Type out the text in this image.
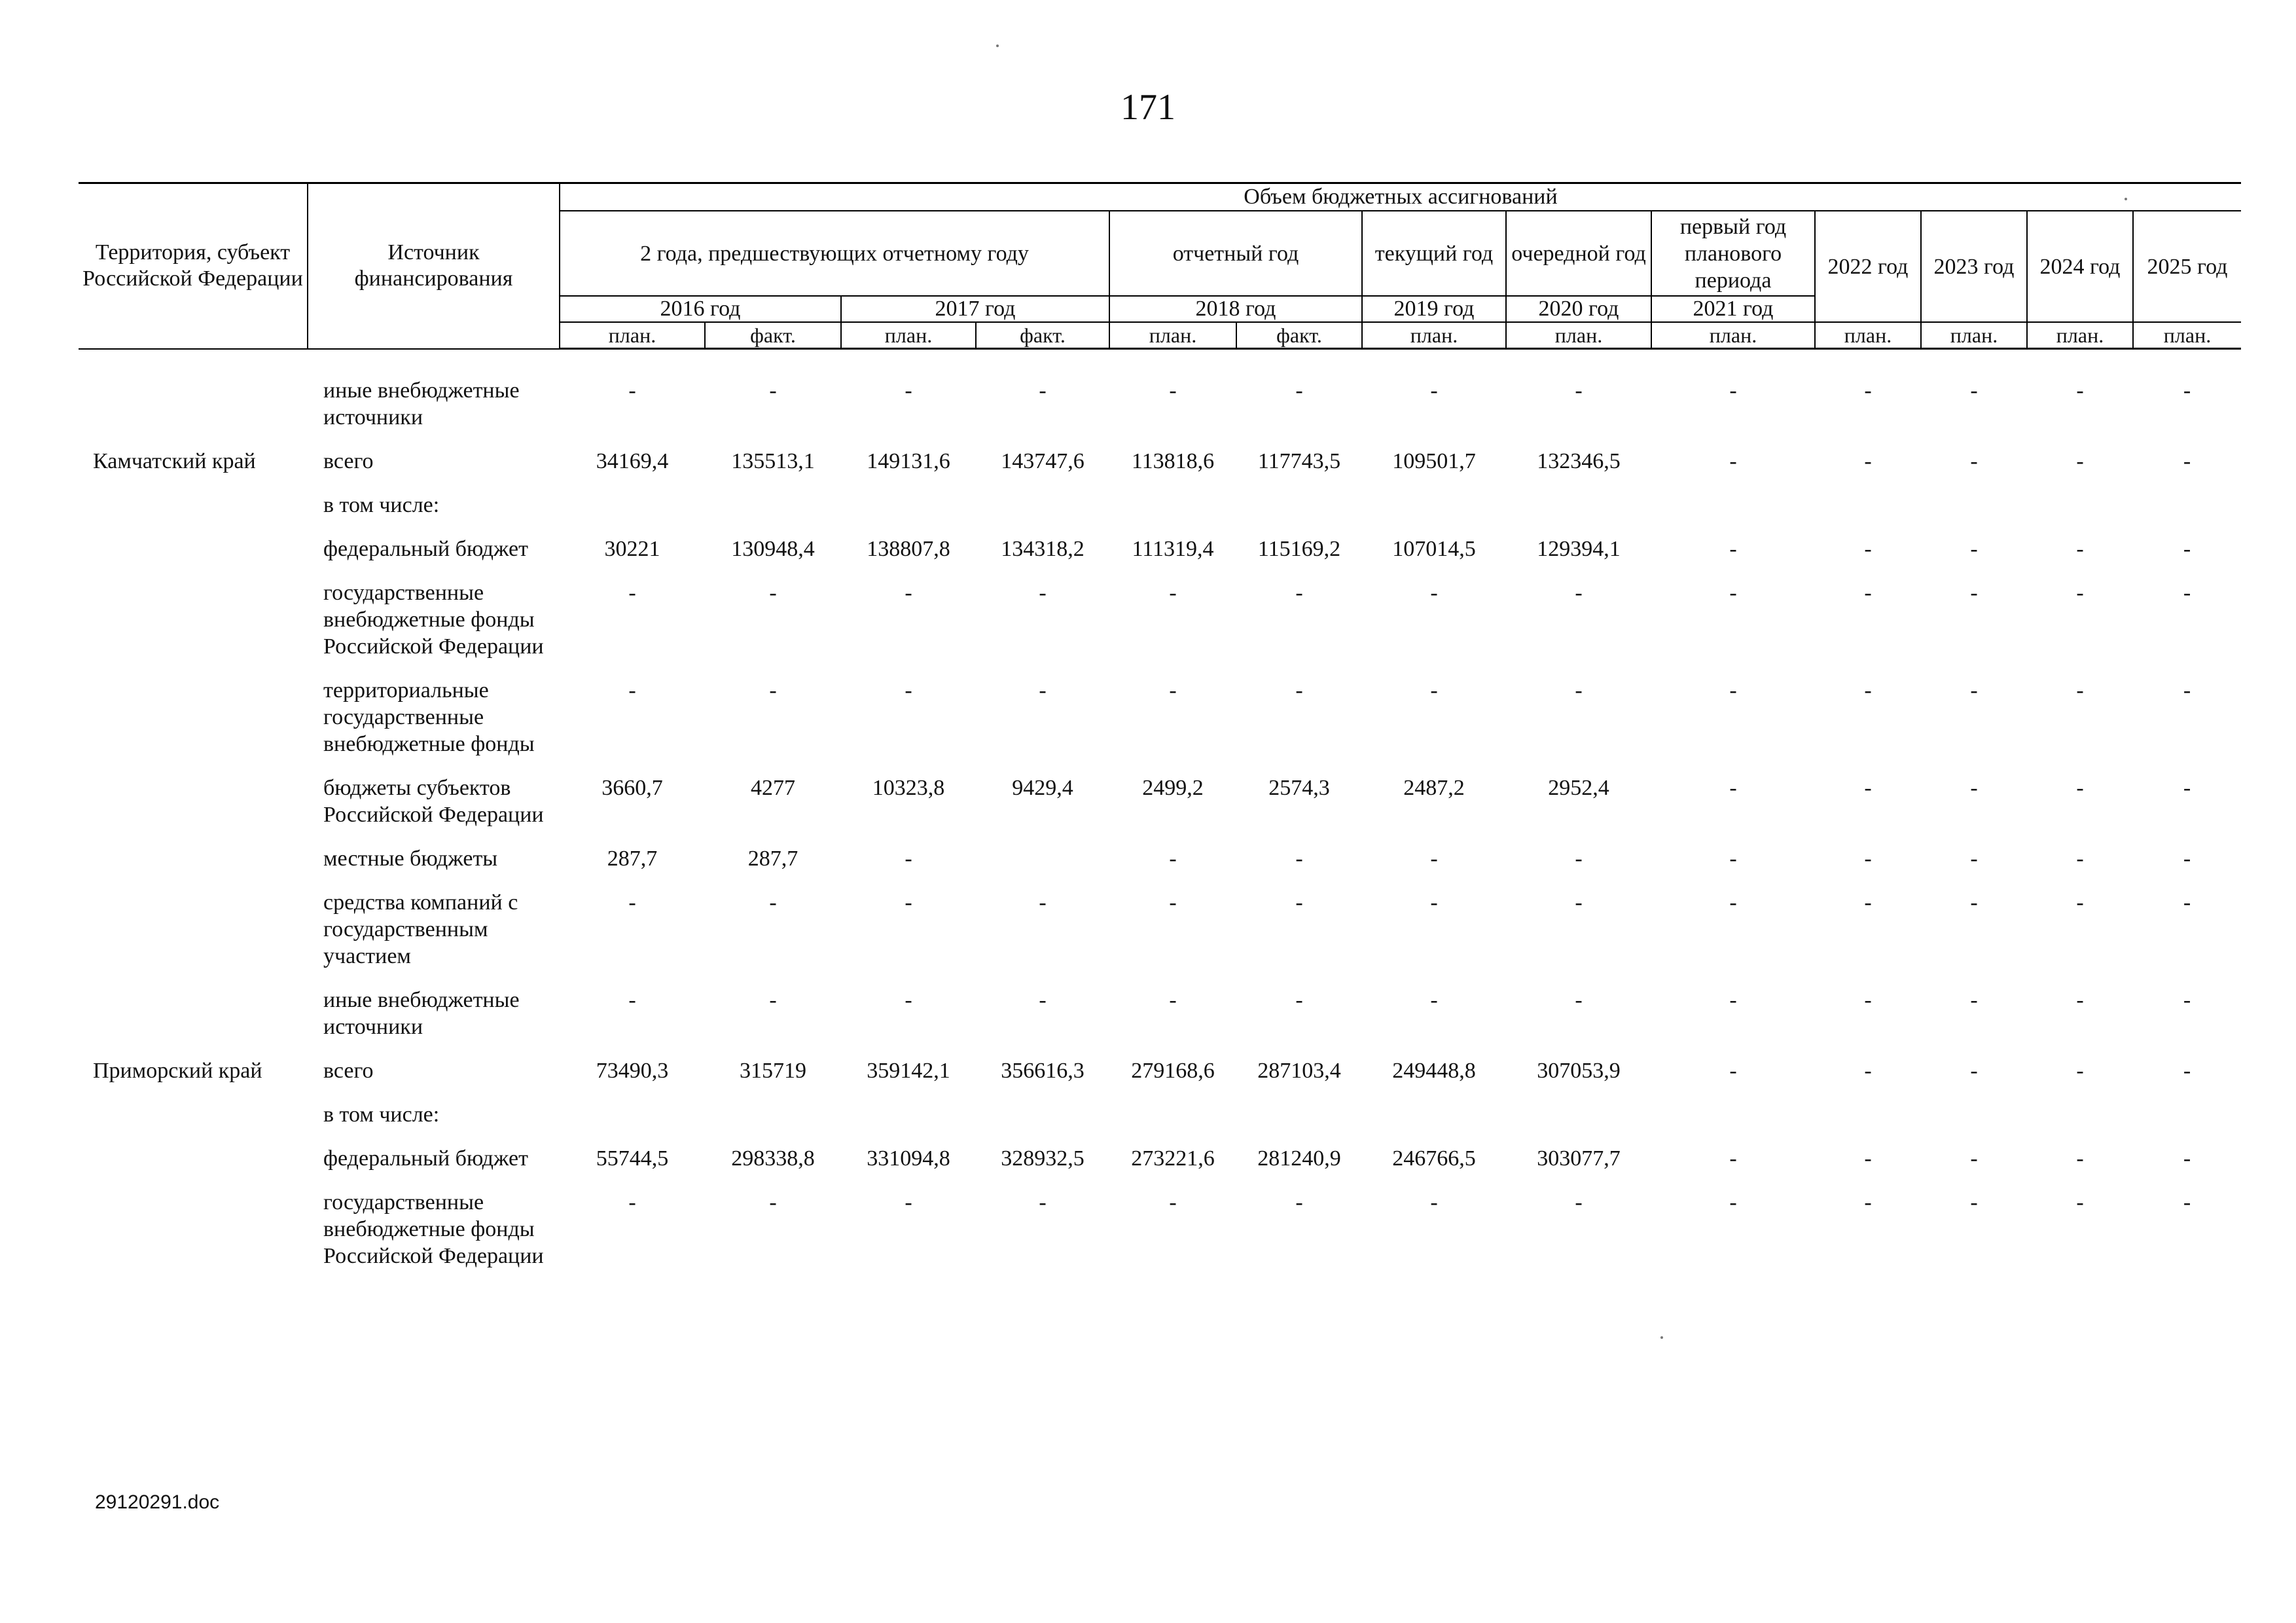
171
Территория, субъект Российской Федерации	Источник финансирования	Объем бюджетных ассигнований												
		2 года, предшествующих отчетному году				отчетный год		текущий год	очередной год	первый год планового периода	2022 год	2023 год	2024 год	2025 год
		2016 год		2017 год		2018 год		2019 год	2020 год	2021 год				
		план.	факт.	план.	факт.	план.	факт.	план.	план.	план.	план.	план.	план.	план.
	иные внебюджетные источники	-	-	-	-	-	-	-	-	-	-	-	-	-
Камчатский край	всего	34169,4	135513,1	149131,6	143747,6	113818,6	117743,5	109501,7	132346,5	-	-	-	-	-
	в том числе:													
	федеральный бюджет	30221	130948,4	138807,8	134318,2	111319,4	115169,2	107014,5	129394,1	-	-	-	-	-
	государственные внебюджетные фонды Российской Федерации	-	-	-	-	-	-	-	-	-	-	-	-	-
	территориальные государственные внебюджетные фонды	-	-	-	-	-	-	-	-	-	-	-	-	-
	бюджеты субъектов Российской Федерации	3660,7	4277	10323,8	9429,4	2499,2	2574,3	2487,2	2952,4	-	-	-	-	-
	местные бюджеты	287,7	287,7	-		-	-	-	-	-	-	-	-	-
	средства компаний с государственным участием	-	-	-	-	-	-	-	-	-	-	-	-	-
	иные внебюджетные источники	-	-	-	-	-	-	-	-	-	-	-	-	-
Приморский край	всего	73490,3	315719	359142,1	356616,3	279168,6	287103,4	249448,8	307053,9	-	-	-	-	-
	в том числе:													
	федеральный бюджет	55744,5	298338,8	331094,8	328932,5	273221,6	281240,9	246766,5	303077,7	-	-	-	-	-
	государственные внебюджетные фонды Российской Федерации	-	-	-	-	-	-	-	-	-	-	-	-	-
29120291.doc
